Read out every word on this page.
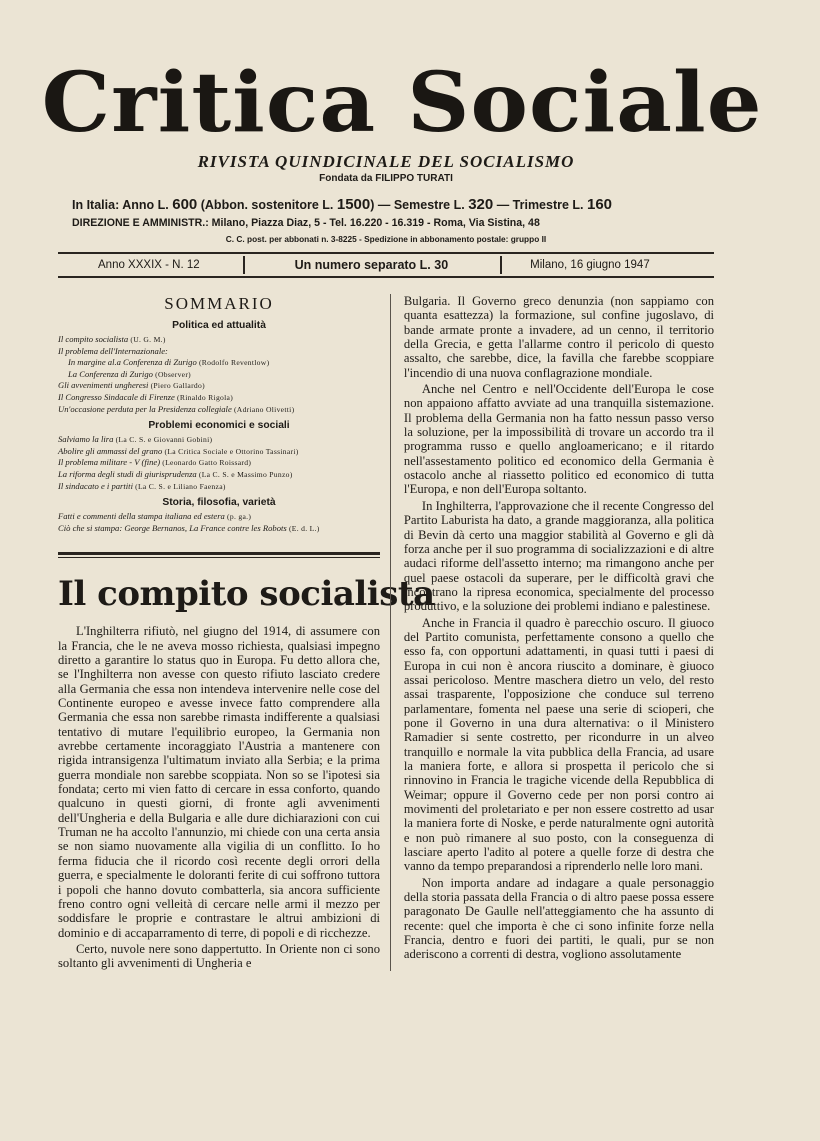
Critica Sociale
RIVISTA QUINDICINALE DEL SOCIALISMO
Fondata da FILIPPO TURATI
In Italia: Anno L. 600 (Abbon. sostenitore L. 1500) — Semestre L. 320 — Trimestre L. 160
DIREZIONE E AMMINISTR.: Milano, Piazza Diaz, 5 - Tel. 16.220 - 16.319 - Roma, Via Sistina, 48
C. C. post. per abbonati n. 3-8225 - Spedizione in abbonamento postale: gruppo II
Anno XXXIX - N. 12	Un numero separato L. 30	Milano, 16 giugno 1947
SOMMARIO
Politica ed attualità
Il compito socialista (U. G. M.)
Il problema dell'Internazionale:
In margine al.a Conferenza di Zurigo (Rodolfo Reventlow)
La Conferenza di Zurigo (Observer)
Gli avvenimenti ungheresi (Piero Gallardo)
Il Congresso Sindacale di Firenze (Rinaldo Rigola)
Un'occasione perduta per la Presidenza collegiale (Adriano Olivetti)
Problemi economici e sociali
Salviamo la lira (La C. S. e Giovanni Gobini)
Abolire gli ammassi del grano (La Critica Sociale e Ottorino Tassinari)
Il problema militare - V (fine) (Leonardo Gatto Roissard)
La riforma degli studi di giurisprudenza (La C. S. e Massimo Punzo)
Il sindacato e i partiti (La C. S. e Liliano Faenza)
Storia, filosofia, varietà
Fatti e commenti della stampa italiana ed estera (p. ga.)
Ciò che si stampa: George Bernanos, La France contre les Robots (E. d. L.)
Il compito socialista

L'Inghilterra rifiutò, nel giugno del 1914, di assumere con la Francia, che le ne aveva mosso richiesta, qualsiasi impegno diretto a garantire lo status quo in Europa. Fu detto allora che, se l'Inghilterra non avesse con questo rifiuto lasciato credere alla Germania che essa non intendeva intervenire nelle cose del Continente europeo e avesse invece fatto comprendere alla Germania che essa non sarebbe rimasta indifferente a qualsiasi tentativo di mutare l'equilibrio europeo, la Germania non avrebbe certamente incoraggiato l'Austria a mantenere con rigida intransigenza l'ultimatum inviato alla Serbia; e la prima guerra mondiale non sarebbe scoppiata. Non so se l'ipotesi sia fondata; certo mi vien fatto di cercare in essa conforto, quando qualcuno in questi giorni, di fronte agli avvenimenti dell'Ungheria e della Bulgaria e alle dure dichiarazioni con cui Truman ne ha accolto l'annunzio, mi chiede con una certa ansia se non siamo nuovamente alla vigilia di un conflitto. Io ho ferma fiducia che il ricordo così recente degli orrori della guerra, e specialmente le doloranti ferite di cui soffrono tuttora i popoli che hanno dovuto combatterla, sia ancora sufficiente freno contro ogni velleità di cercare nelle armi il mezzo per soddisfare le proprie e contrastare le altrui ambizioni di dominio e di accaparramento di terre, di popoli e di ricchezze.

Certo, nuvole nere sono dappertutto. In Oriente non ci sono soltanto gli avvenimenti di Ungheria e

Bulgaria. Il Governo greco denunzia (non sappiamo con quanta esattezza) la formazione, sul confine jugoslavo, di bande armate pronte a invadere, ad un cenno, il territorio della Grecia, e getta l'allarme contro il pericolo di questo assalto, che sarebbe, dice, la favilla che farebbe scoppiare l'incendio di una nuova conflagrazione mondiale.

Anche nel Centro e nell'Occidente dell'Europa le cose non appaiono affatto avviate ad una tranquilla sistemazione. Il problema della Germania non ha fatto nessun passo verso la soluzione, per la impossibilità di trovare un accordo tra il programma russo e quello angloamericano; e il ritardo nell'assestamento politico ed economico della Germania è ostacolo anche al riassetto politico ed economico di tutta l'Europa, e non dell'Europa soltanto.

In Inghilterra, l'approvazione che il recente Congresso del Partito Laburista ha dato, a grande maggioranza, alla politica di Bevin dà certo una maggior stabilità al Governo e gli dà forza anche per il suo programma di socializzazioni e di altre audaci riforme dell'assetto interno; ma rimangono anche per quel paese ostacoli da superare, per le difficoltà gravi che incontrano la ripresa economica, specialmente del processo produttivo, e la soluzione dei problemi indiano e palestinese.

Anche in Francia il quadro è parecchio oscuro. Il giuoco del Partito comunista, perfettamente consono a quello che esso fa, con opportuni adattamenti, in quasi tutti i paesi di Europa in cui non è ancora riuscito a dominare, è giuoco assai pericoloso. Mentre maschera dietro un velo, del resto assai trasparente, l'opposizione che conduce sul terreno parlamentare, fomenta nel paese una serie di scioperi, che pone il Governo in una dura alternativa: o il Ministero Ramadier si sente costretto, per ricondurre in un alveo tranquillo e normale la vita pubblica della Francia, ad usare la maniera forte, e allora si prospetta il pericolo che si rinnovino in Francia le tragiche vicende della Repubblica di Weimar; oppure il Governo cede per non porsi contro ai movimenti del proletariato e per non essere costretto ad usar la maniera forte di Noske, e perde naturalmente ogni autorità e non può rimanere al suo posto, con la conseguenza di lasciare aperto l'adito al potere a quelle forze di destra che vanno da tempo preparandosi a riprenderlo nelle loro mani.

Non importa andare ad indagare a quale personaggio della storia passata della Francia o di altro paese possa essere paragonato De Gaulle nell'atteggiamento che ha assunto di recente: quel che importa è che ci sono infinite forze nella Francia, dentro e fuori dei partiti, le quali, pur se non aderiscono a correnti di destra, vogliono assolutamente
